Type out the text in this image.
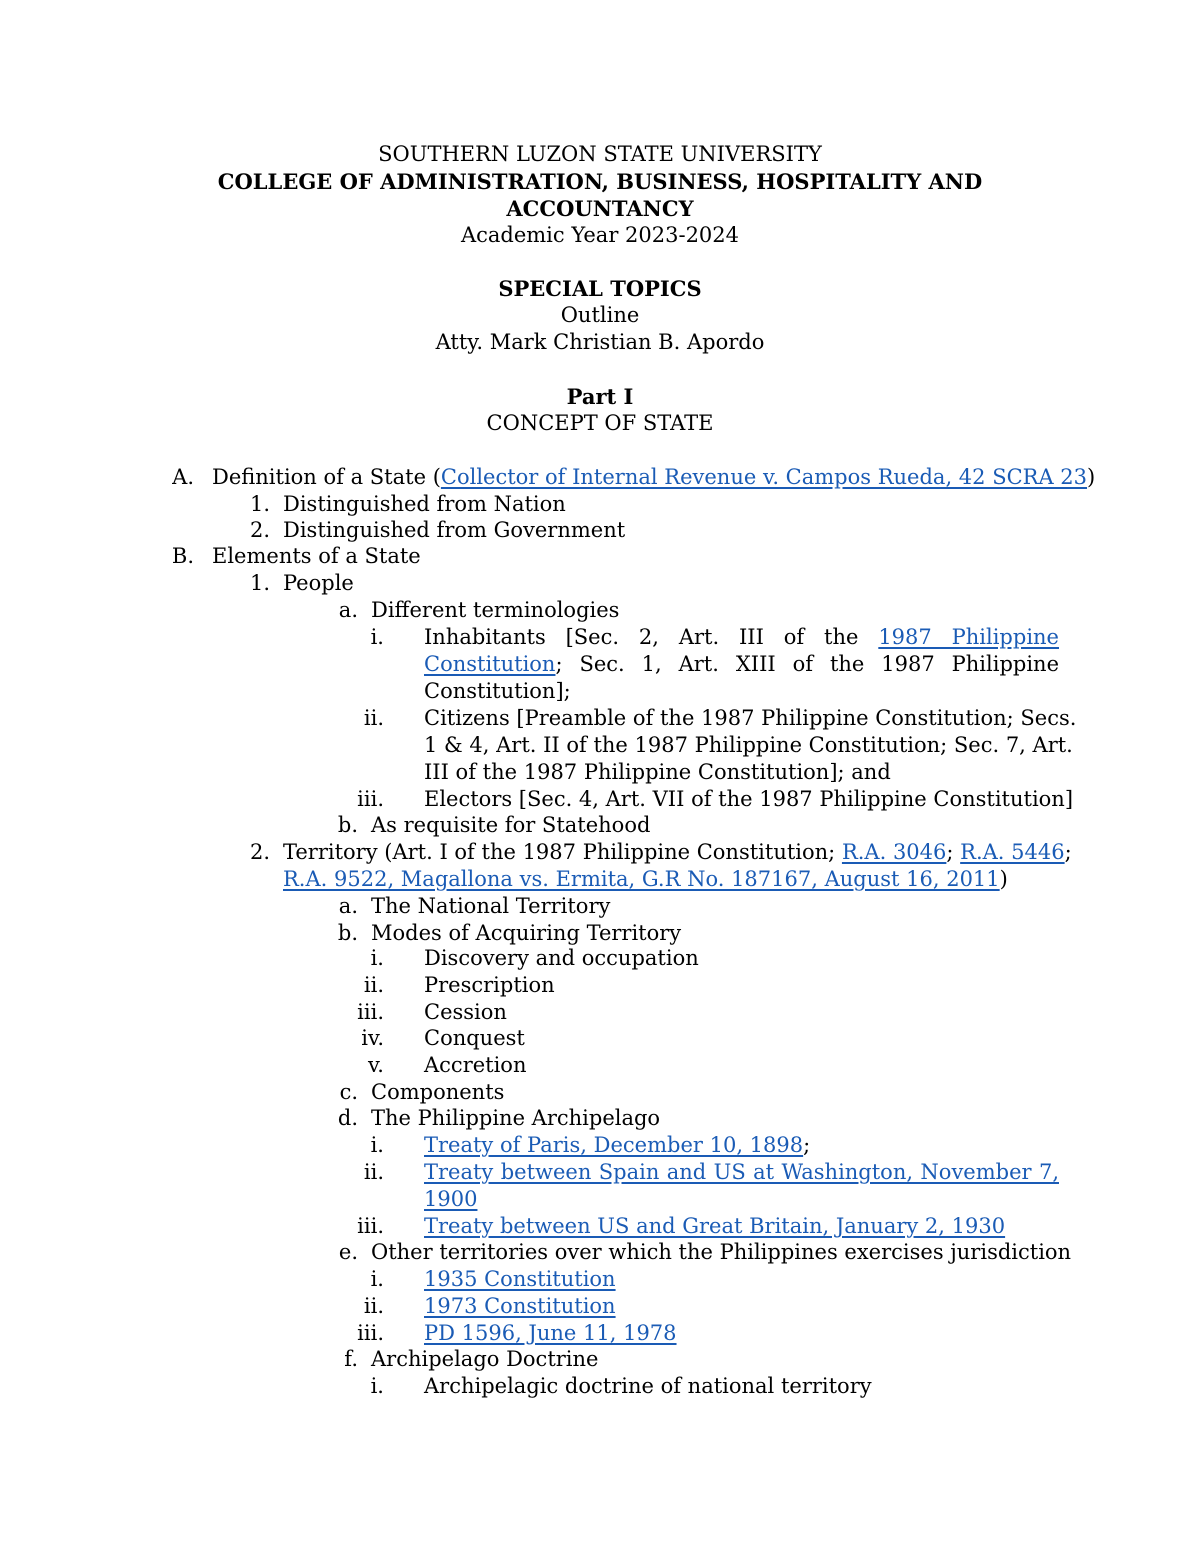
SOUTHERN LUZON STATE UNIVERSITY
COLLEGE OF ADMINISTRATION, BUSINESS, HOSPITALITY AND
ACCOUNTANCY
Academic Year 2023-2024
SPECIAL TOPICS
Outline
Atty. Mark Christian B. Apordo
Part I
CONCEPT OF STATE
A. Definition of a State (Collector of Internal Revenue v. Campos Rueda, 42 SCRA 23)
1. Distinguished from Nation
2. Distinguished from Government
B. Elements of a State
1. People
a. Different terminologies
i. Inhabitants [Sec. 2, Art. III of the 1987 Philippine
Constitution; Sec. 1, Art. XIII of the 1987 Philippine
Constitution];
ii. Citizens [Preamble of the 1987 Philippine Constitution; Secs.
1 & 4, Art. II of the 1987 Philippine Constitution; Sec. 7, Art.
III of the 1987 Philippine Constitution]; and
iii. Electors [Sec. 4, Art. VII of the 1987 Philippine Constitution]
b. As requisite for Statehood
2. Territory (Art. I of the 1987 Philippine Constitution; R.A. 3046; R.A. 5446;
R.A. 9522, Magallona vs. Ermita, G.R No. 187167, August 16, 2011)
a. The National Territory
b. Modes of Acquiring Territory
i. Discovery and occupation
ii. Prescription
iii. Cession
iv. Conquest
v. Accretion
c. Components
d. The Philippine Archipelago
i. Treaty of Paris, December 10, 1898;
ii. Treaty between Spain and US at Washington, November 7,
1900
iii. Treaty between US and Great Britain, January 2, 1930
e. Other territories over which the Philippines exercises jurisdiction
i. 1935 Constitution
ii. 1973 Constitution
iii. PD 1596, June 11, 1978
f. Archipelago Doctrine
i. Archipelagic doctrine of national territory
